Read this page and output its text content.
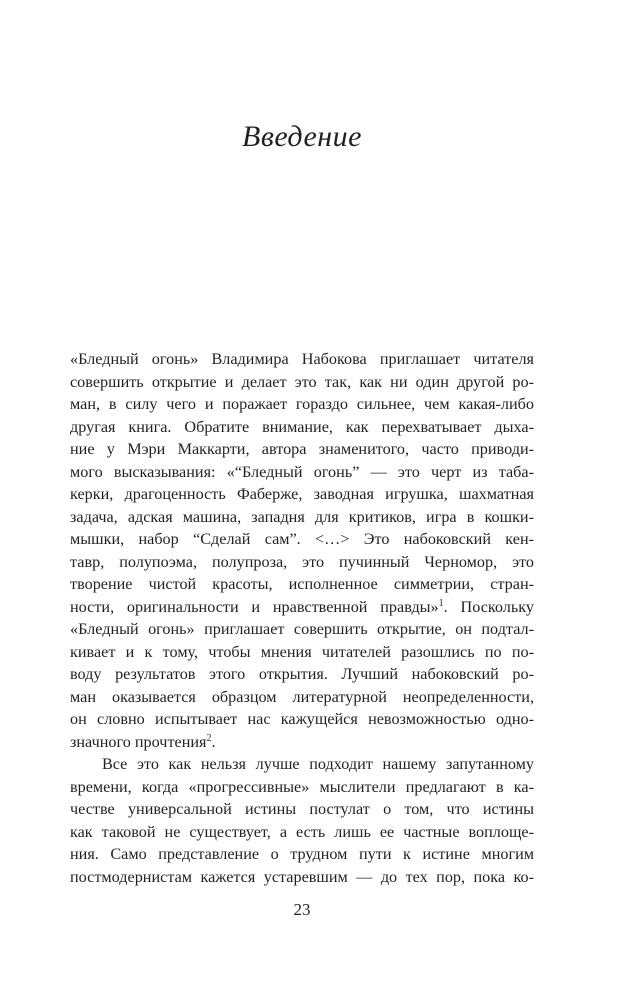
Введение
«Бледный огонь» Владимира Набокова приглашает читателя
совершить открытие и делает это так, как ни один другой ро-
ман, в силу чего и поражает гораздо сильнее, чем какая-либо
другая книга. Обратите внимание, как перехватывает дыха-
ние у Мэри Маккарти, автора знаменитого, часто приводи-
мого высказывания: «“Бледный огонь” — это черт из таба-
керки, драгоценность Фаберже, заводная игрушка, шахматная
задача, адская машина, западня для критиков, игра в кошки-
мышки, набор “Сделай сам”. <…> Это набоковский кен-
тавр, полупоэма, полупроза, это пучинный Черномор, это
творение чистой красоты, исполненное симметрии, стран-
ности, оригинальности и нравственной правды»$^1$. Поскольку
«Бледный огонь» приглашает совершить открытие, он подтал-
кивает и к тому, чтобы мнения читателей разошлись по по-
воду результатов этого открытия. Лучший набоковский ро-
ман оказывается образцом литературной неопределенности,
он словно испытывает нас кажущейся невозможностью одно-
значного прочтения$^2$.
Все это как нельзя лучше подходит нашему запутанному
времени, когда «прогрессивные» мыслители предлагают в ка-
честве универсальной истины постулат о том, что истины
как таковой не существует, а есть лишь ее частные воплоще-
ния. Само представление о трудном пути к истине многим
постмодернистам кажется устаревшим — до тех пор, пока ко-
23
